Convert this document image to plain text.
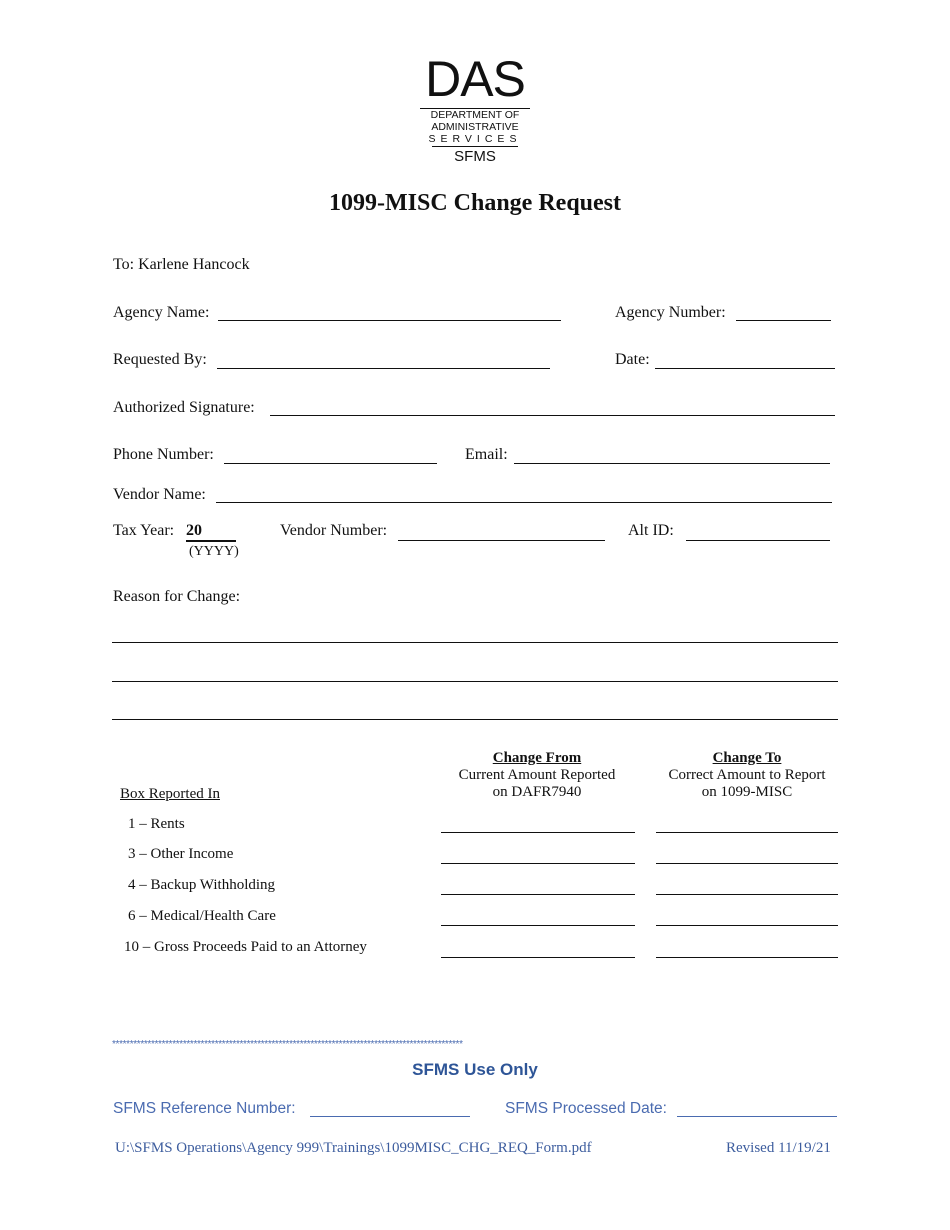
DAS
DEPARTMENT OF
ADMINISTRATIVE
SERVICES
SFMS
1099-MISC Change Request
To: Karlene Hancock
Agency Name:	Agency Number:
Requested By:	Date:
Authorized Signature:
Phone Number:	Email:
Vendor Name:
Tax Year: 20
(YYYY)
Vendor Number:	Alt ID:
Reason for Change:
Box Reported In
Change From
Current Amount Reported
on DAFR7940
Change To
Correct Amount to Report
on 1099-MISC
1 – Rents
3 – Other Income
4 – Backup Withholding
6 – Medical/Health Care
10 – Gross Proceeds Paid to an Attorney
***************************************************************************************************
SFMS Use Only
SFMS Reference Number:	SFMS Processed Date:
U:\SFMS Operations\Agency 999\Trainings\1099MISC_CHG_REQ_Form.pdf	Revised 11/19/21
